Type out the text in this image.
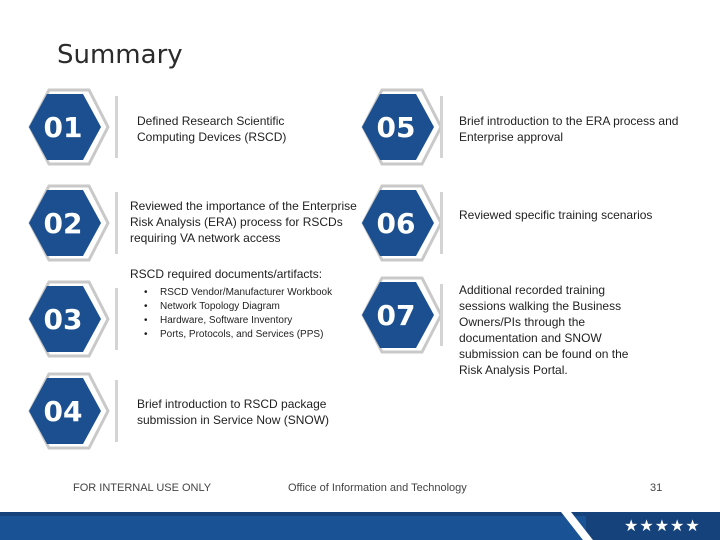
Summary
01	Defined Research Scientific Computing Devices (RSCD)
02
Reviewed the importance of the Enterprise Risk Analysis (ERA) process for RSCDs requiring VA network access
03
RSCD required documents/artifacts:
• RSCD Vendor/Manufacturer Workbook
• Network Topology Diagram
• Hardware, Software Inventory
• Ports, Protocols, and Services (PPS)
04	Brief introduction to RSCD package submission in Service Now (SNOW)
05	Brief introduction to the ERA process and Enterprise approval
06	Reviewed specific training scenarios
07
Additional recorded training sessions walking the Business Owners/PIs through the documentation and SNOW submission can be found on the Risk Analysis Portal.
FOR INTERNAL USE ONLY	Office of Information and Technology	31
★★★★★
